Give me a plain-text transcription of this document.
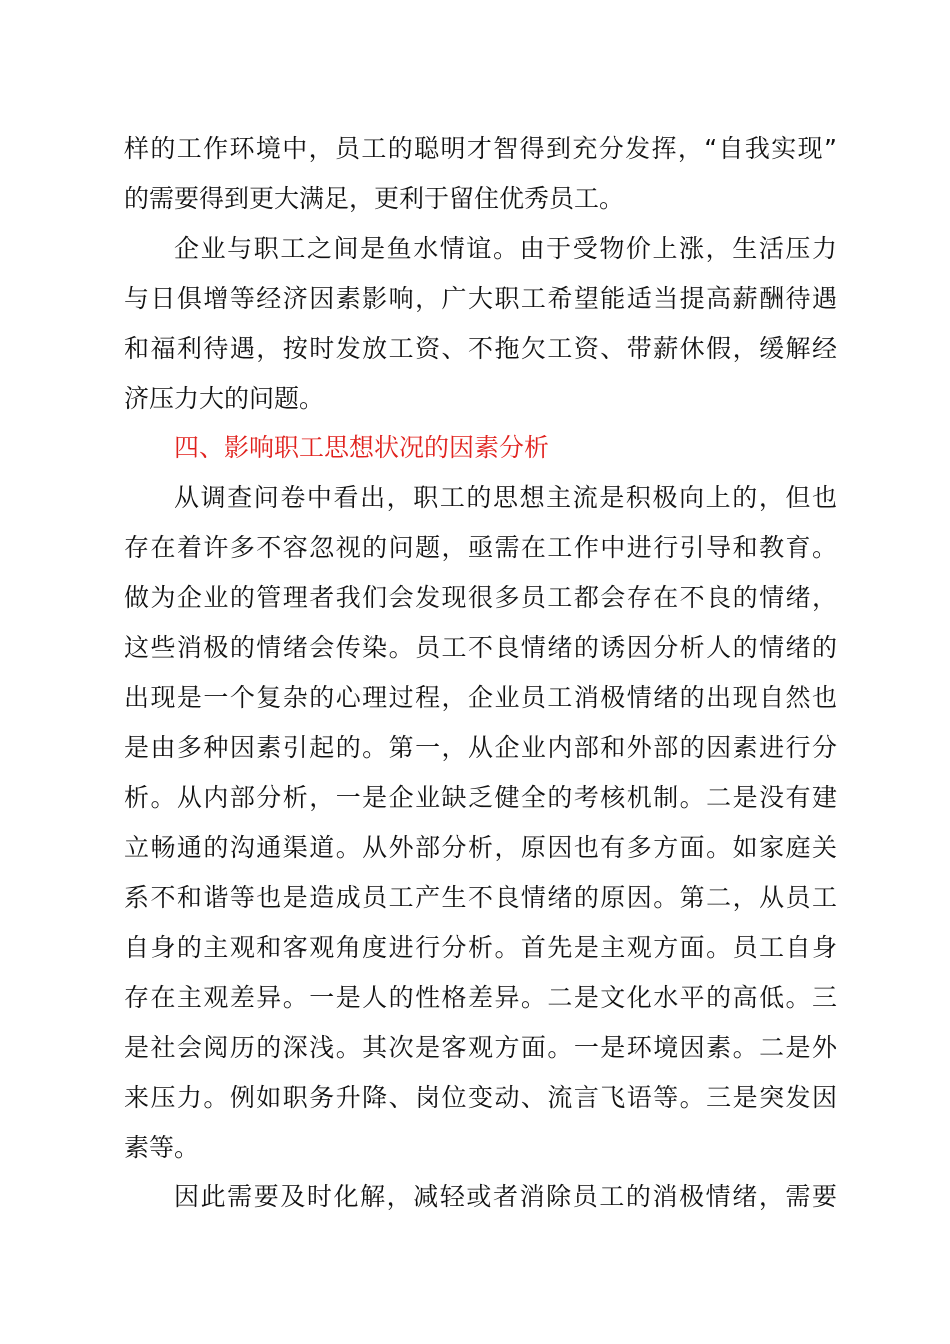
样的工作环境中，员工的聪明才智得到充分发挥，“自我实现”
的需要得到更大满足，更利于留住优秀员工。
企业与职工之间是鱼水情谊。由于受物价上涨，生活压力
与日俱增等经济因素影响，广大职工希望能适当提高薪酬待遇
和福利待遇，按时发放工资、不拖欠工资、带薪休假，缓解经
济压力大的问题。
四、影响职工思想状况的因素分析
从调查问卷中看出，职工的思想主流是积极向上的，但也
存在着许多不容忽视的问题，亟需在工作中进行引导和教育。
做为企业的管理者我们会发现很多员工都会存在不良的情绪，
这些消极的情绪会传染。员工不良情绪的诱因分析人的情绪的
出现是一个复杂的心理过程，企业员工消极情绪的出现自然也
是由多种因素引起的。第一，从企业内部和外部的因素进行分
析。从内部分析，一是企业缺乏健全的考核机制。二是没有建
立畅通的沟通渠道。从外部分析，原因也有多方面。如家庭关
系不和谐等也是造成员工产生不良情绪的原因。第二，从员工
自身的主观和客观角度进行分析。首先是主观方面。员工自身
存在主观差异。一是人的性格差异。二是文化水平的高低。三
是社会阅历的深浅。其次是客观方面。一是环境因素。二是外
来压力。例如职务升降、岗位变动、流言飞语等。三是突发因
素等。
因此需要及时化解，减轻或者消除员工的消极情绪，需要
